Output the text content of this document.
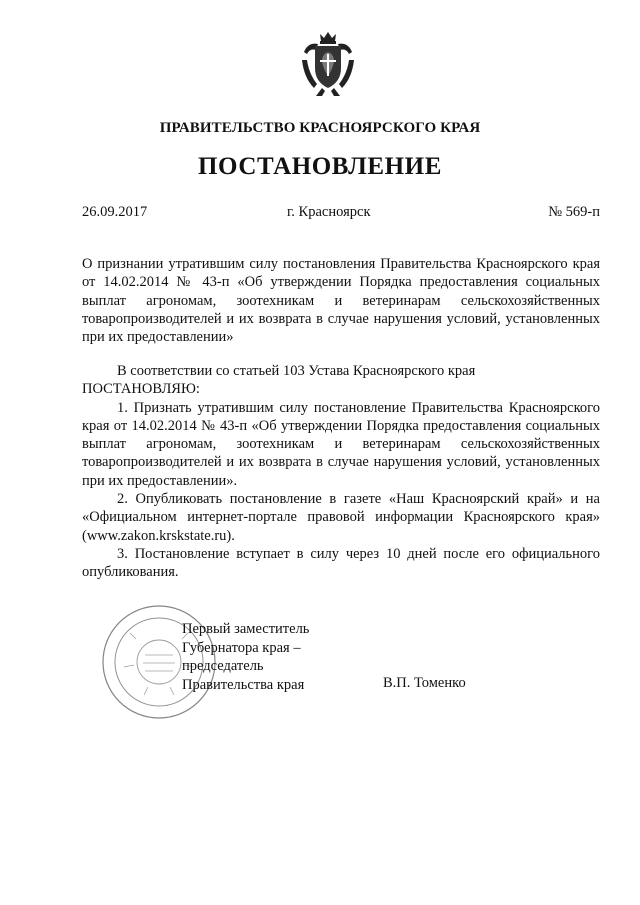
ПРАВИТЕЛЬСТВО КРАСНОЯРСКОГО КРАЯ
ПОСТАНОВЛЕНИЕ
26.09.2017	г. Красноярск	№ 569-п

О признании утратившим силу постановления Правительства Красноярского края от 14.02.2014 № 43-п «Об утверждении Порядка предоставления социальных выплат агрономам, зоотехникам и ветеринарам сельскохозяйственных товаропроизводителей и их возврата в случае нарушения условий, установленных при их предоставлении»

В соответствии со статьей 103 Устава Красноярского края
ПОСТАНОВЛЯЮ:
1. Признать утратившим силу постановление Правительства Красноярского края от 14.02.2014 № 43-п «Об утверждении Порядка предоставления социальных выплат агрономам, зоотехникам и ветеринарам сельскохозяйственных товаропроизводителей и их возврата в случае нарушения условий, установленных при их предоставлении».
2. Опубликовать постановление в газете «Наш Красноярский край» и на «Официальном интернет-портале правовой информации Красноярского края» (www.zakon.krskstate.ru).
3. Постановление вступает в силу через 10 дней после его официального опубликования.
Первый заместитель
Губернатора края –
председатель
Правительства края	В.П. Томенко
